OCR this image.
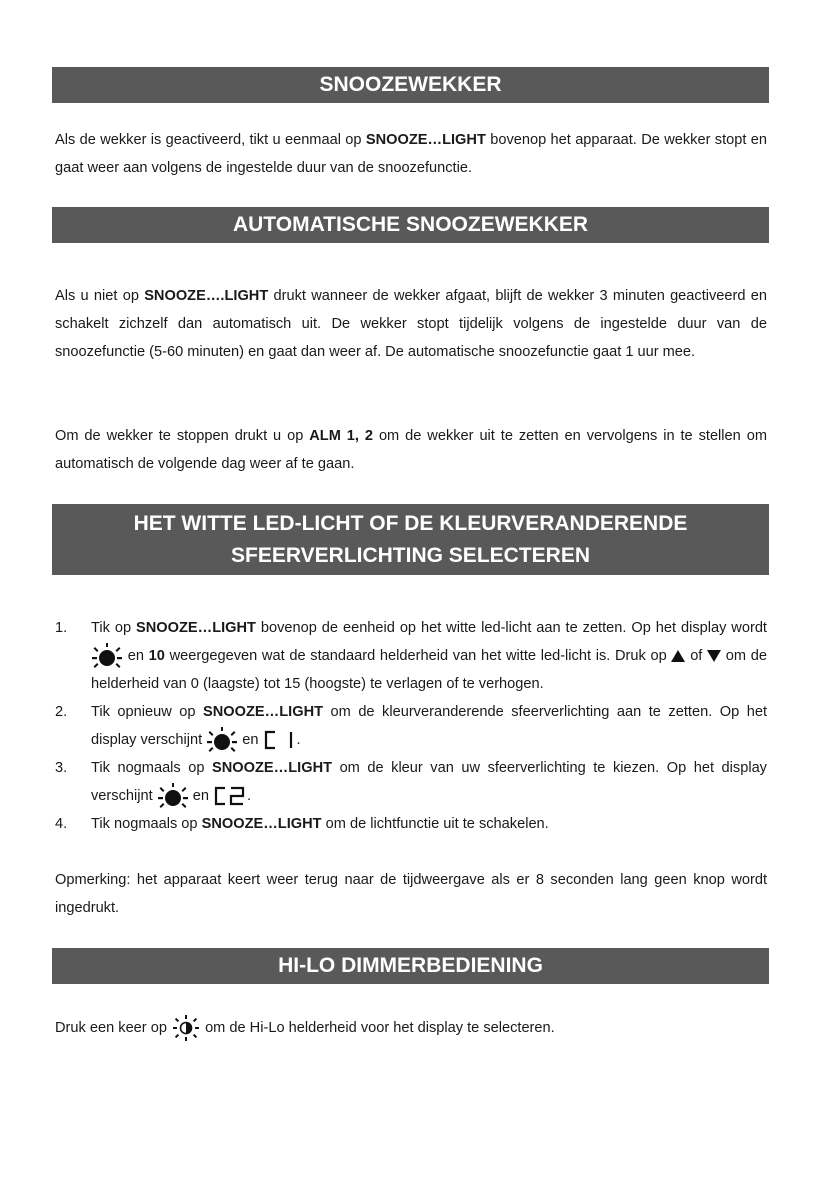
SNOOZEWEKKER

Als de wekker is geactiveerd, tikt u eenmaal op SNOOZE…LIGHT bovenop het apparaat. De wekker stopt en gaat weer aan volgens de ingestelde duur van de snoozefunctie.

AUTOMATISCHE SNOOZEWEKKER

Als u niet op SNOOZE….LIGHT drukt wanneer de wekker afgaat, blijft de wekker 3 minuten geactiveerd en schakelt zichzelf dan automatisch uit. De wekker stopt tijdelijk volgens de ingestelde duur van de snoozefunctie (5-60 minuten) en gaat dan weer af. De automatische snoozefunctie gaat 1 uur mee.

Om de wekker te stoppen drukt u op ALM 1, 2 om de wekker uit te zetten en vervolgens in te stellen om automatisch de volgende dag weer af te gaan.

HET WITTE LED-LICHT OF DE KLEURVERANDERENDE
SFEERVERLICHTING SELECTEREN
1. Tik op SNOOZE…LIGHT bovenop de eenheid op het witte led-licht aan te zetten. Op het display wordt  en 10 weergegeven wat de standaard helderheid van het witte led-licht is. Druk op  of  om de helderheid van 0 (laagste) tot 15 (hoogste) te verlagen of te verhogen.
2. Tik opnieuw op SNOOZE…LIGHT om de kleurveranderende sfeerverlichting aan te zetten. Op het display verschijnt  en .
3. Tik nogmaals op SNOOZE…LIGHT om de kleur van uw sfeerverlichting te kiezen. Op het display verschijnt  en .
4. Tik nogmaals op SNOOZE…LIGHT om de lichtfunctie uit te schakelen.

Opmerking: het apparaat keert weer terug naar de tijdweergave als er 8 seconden lang geen knop wordt ingedrukt.

HI-LO DIMMERBEDIENING

Druk een keer op  om de Hi-Lo helderheid voor het display te selecteren.
